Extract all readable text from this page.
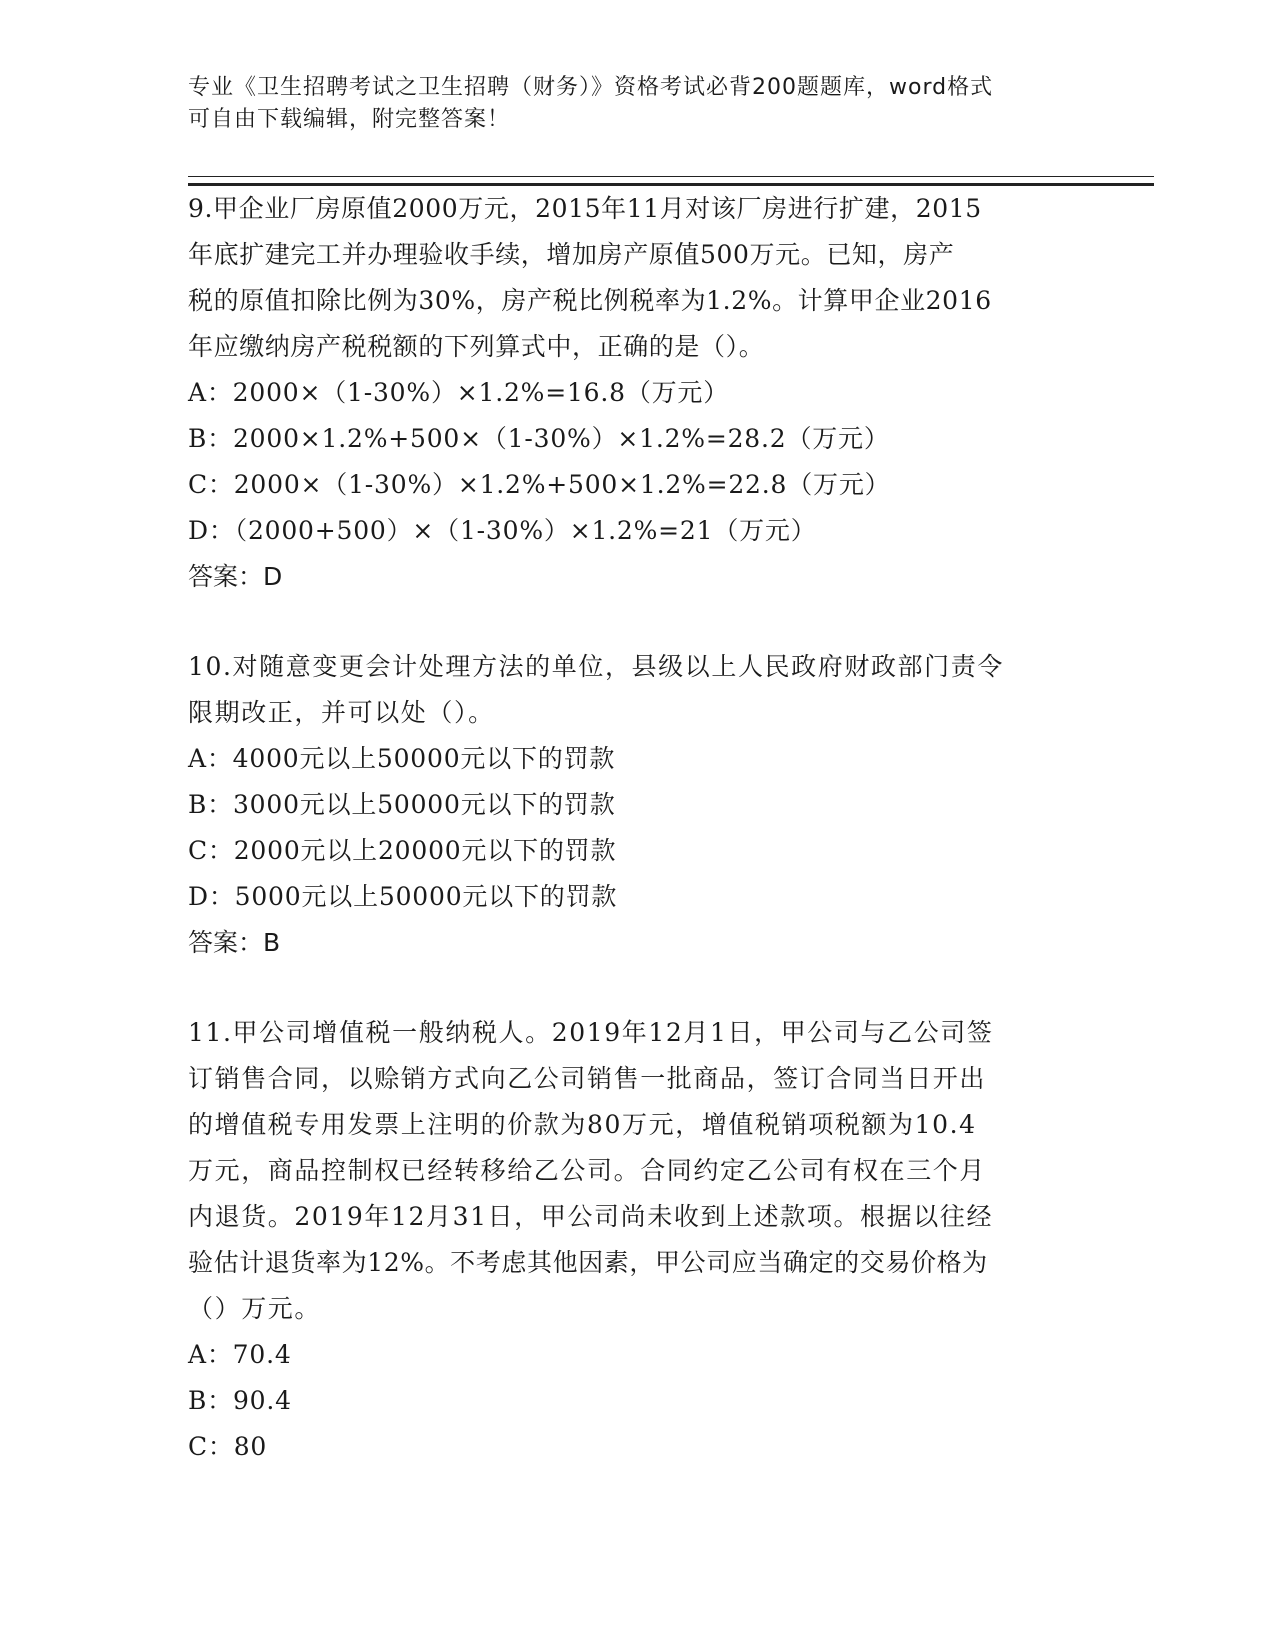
专业《卫生招聘考试之卫生招聘（财务）》资格考试必背200题题库，word格式
可自由下载编辑，附完整答案！
9.甲企业厂房原值2000万元，2015年11月对该厂房进行扩建，2015
年底扩建完工并办理验收手续，增加房产原值500万元。已知，房产
税的原值扣除比例为30%，房产税比例税率为1.2%。计算甲企业2016
年应缴纳房产税税额的下列算式中，正确的是（）。
A：2000×（1-30%）×1.2%=16.8（万元）
B：2000×1.2%+500×（1-30%）×1.2%=28.2（万元）
C：2000×（1-30%）×1.2%+500×1.2%=22.8（万元）
D：（2000+500）×（1-30%）×1.2%=21（万元）
答案：D
10.对随意变更会计处理方法的单位，县级以上人民政府财政部门责令
限期改正，并可以处（）。
A：4000元以上50000元以下的罚款
B：3000元以上50000元以下的罚款
C：2000元以上20000元以下的罚款
D：5000元以上50000元以下的罚款
答案：B
11.甲公司增值税一般纳税人。2019年12月1日，甲公司与乙公司签
订销售合同，以赊销方式向乙公司销售一批商品，签订合同当日开出
的增值税专用发票上注明的价款为80万元，增值税销项税额为10.4
万元，商品控制权已经转移给乙公司。合同约定乙公司有权在三个月
内退货。2019年12月31日，甲公司尚未收到上述款项。根据以往经
验估计退货率为12%。不考虑其他因素，甲公司应当确定的交易价格为
（）万元。
A：70.4
B：90.4
C：80
